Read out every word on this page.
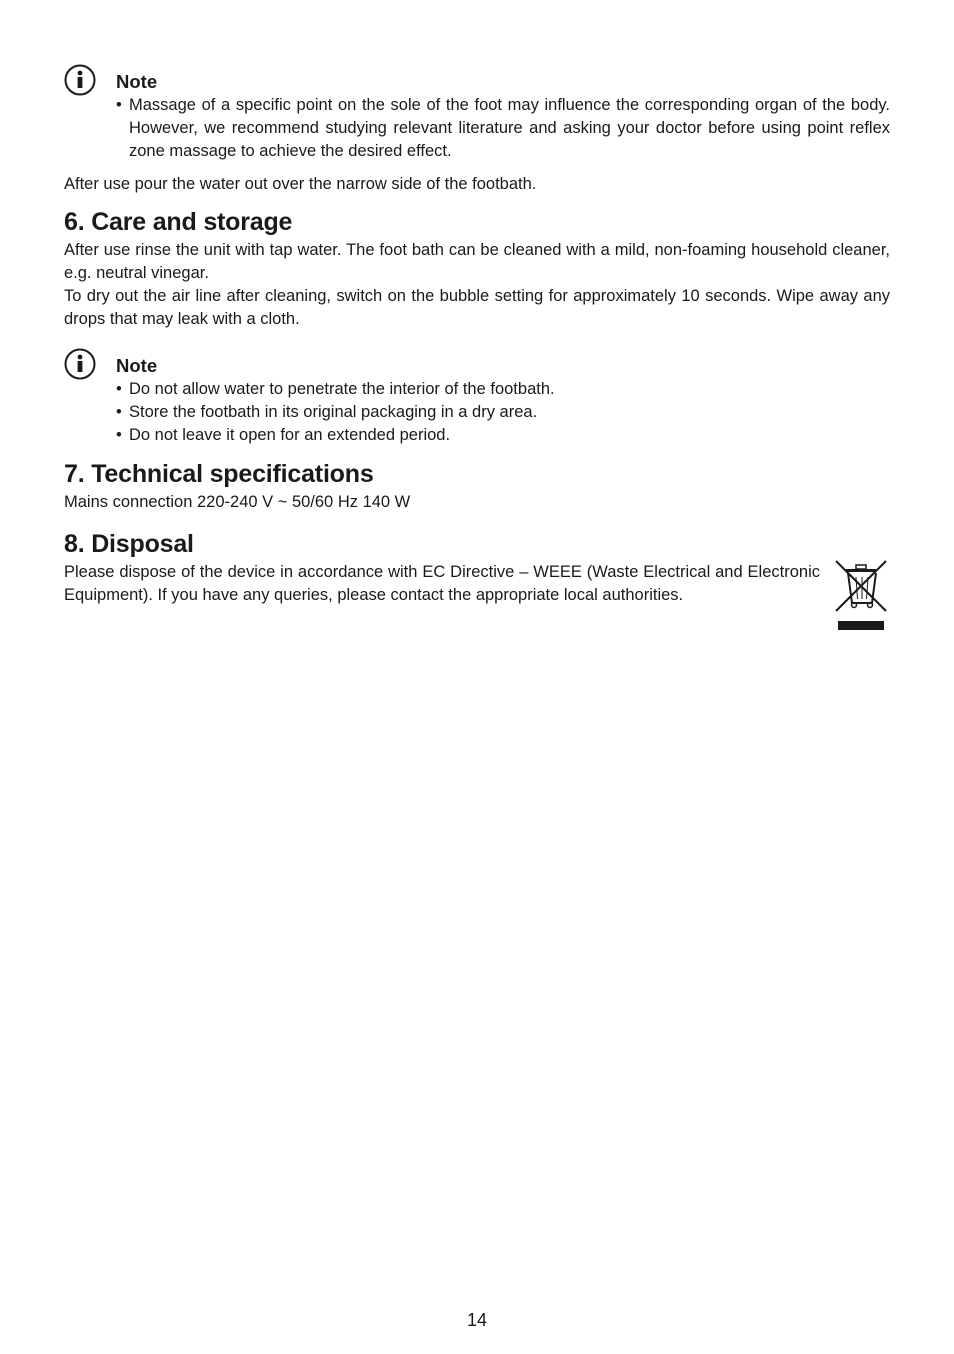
Note
• Massage of a specific point on the sole of the foot may influence the corresponding organ of the body. However, we recommend studying relevant literature and asking your doctor before using point reflex zone massage to achieve the desired effect.

After use pour the water out over the narrow side of the footbath.

6. Care and storage

After use rinse the unit with tap water. The foot bath can be cleaned with a mild, non-foaming household cleaner, e.g. neutral vinegar.

To dry out the air line after cleaning, switch on the bubble setting for approximately 10 seconds. Wipe away any drops that may leak with a cloth.

Note
• Do not allow water to penetrate the interior of the footbath.
• Store the footbath in its original packaging in a dry area.
• Do not leave it open for an extended period.
7. Technical specifications

Mains connection 220-240 V ~ 50/60 Hz 140 W

8. Disposal

Please dispose of the device in accordance with EC Directive – WEEE (Waste Electrical and Electronic Equipment). If you have any queries, please contact the appropriate local authorities.

14
